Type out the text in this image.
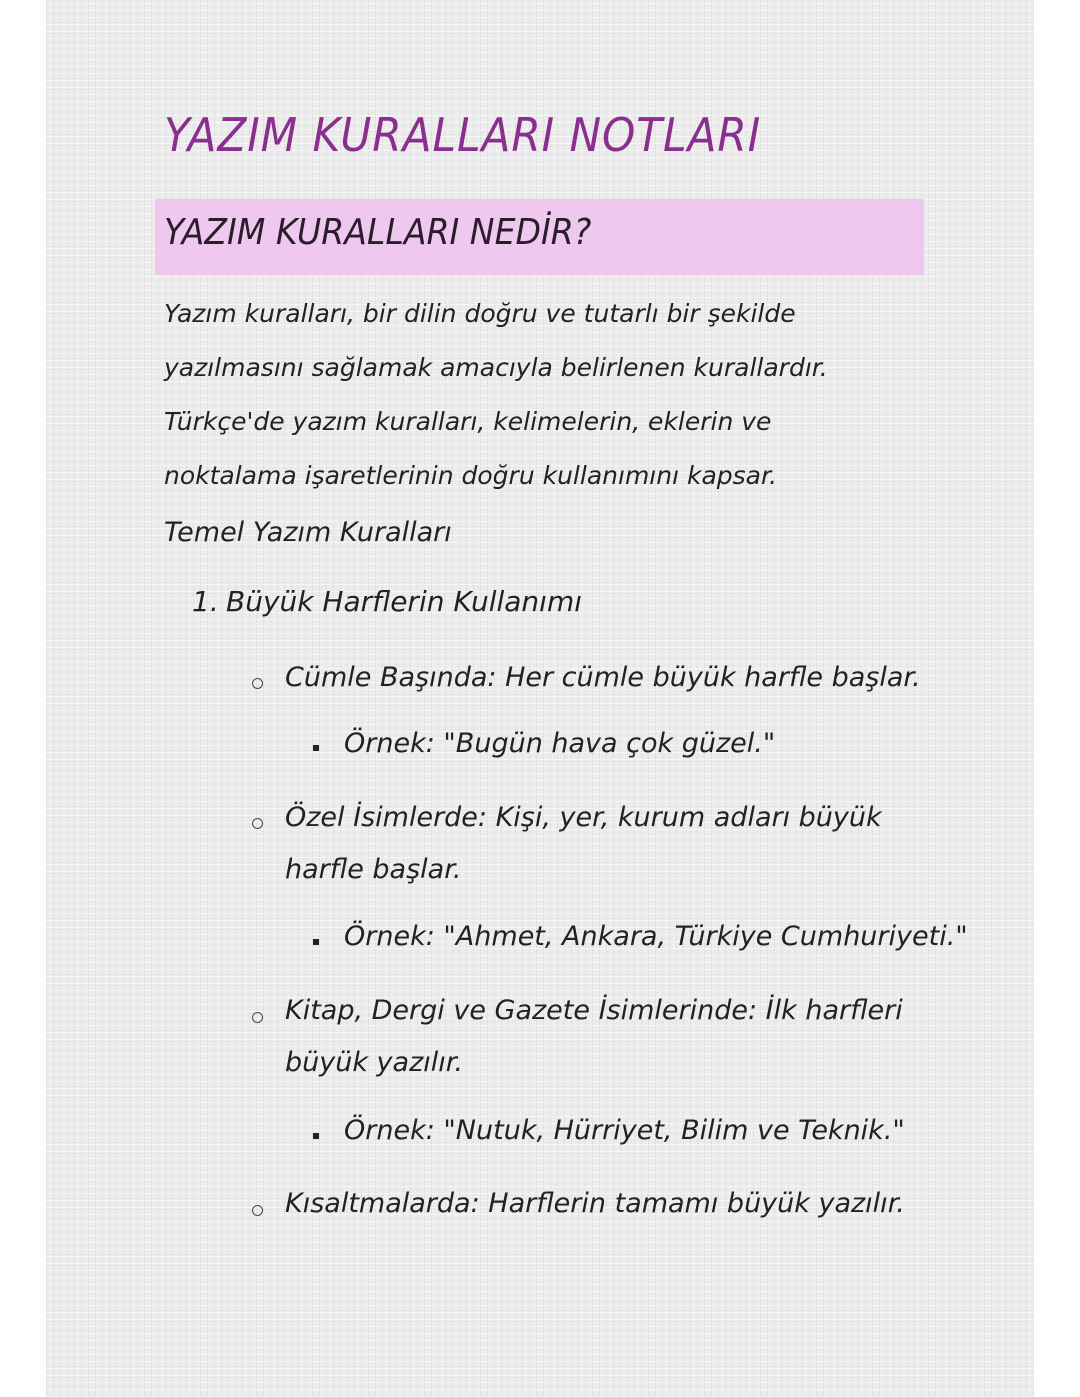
YAZIM KURALLARI NOTLARI
YAZIM KURALLARI NEDİR?

Yazım kuralları, bir dilin doğru ve tutarlı bir şekilde yazılmasını sağlamak amacıyla belirlenen kurallardır. Türkçe'de yazım kuralları, kelimelerin, eklerin ve noktalama işaretlerinin doğru kullanımını kapsar.

Temel Yazım Kuralları
1. Büyük Harflerin Kullanımı
Cümle Başında: Her cümle büyük harfle başlar.
Örnek: "Bugün hava çok güzel."
Özel İsimlerde: Kişi, yer, kurum adları büyük harfle başlar.
Örnek: "Ahmet, Ankara, Türkiye Cumhuriyeti."
Kitap, Dergi ve Gazete İsimlerinde: İlk harfleri büyük yazılır.
Örnek: "Nutuk, Hürriyet, Bilim ve Teknik."
Kısaltmalarda: Harflerin tamamı büyük yazılır.
